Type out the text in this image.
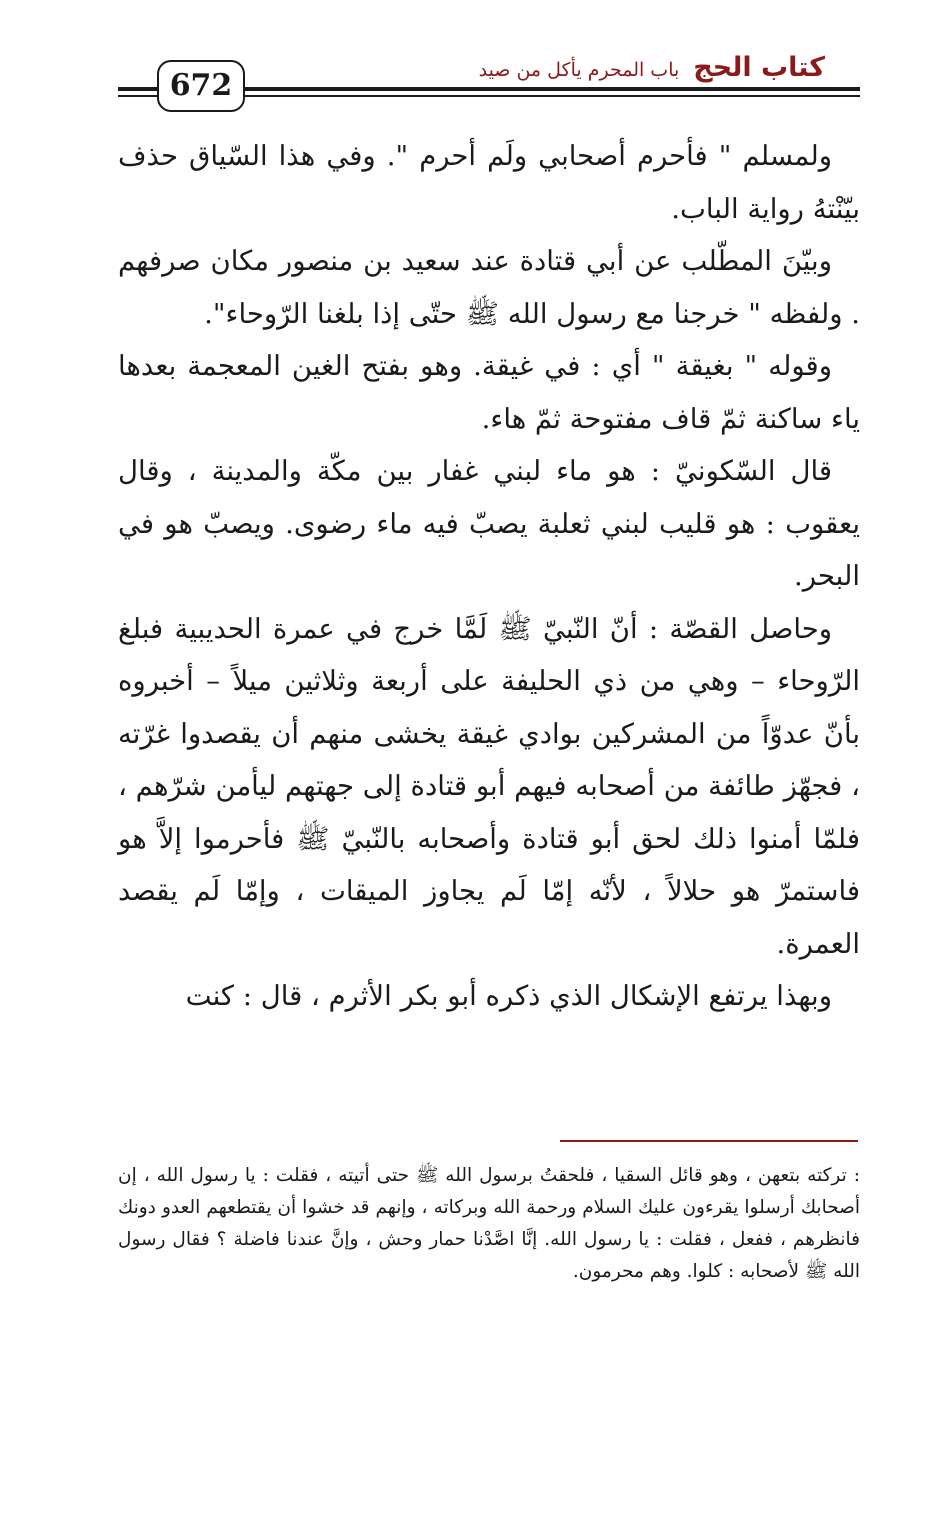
672
كتاب الحج
باب المحرم يأكل من صيد

ولمسلم " فأحرم أصحابي ولَم أحرم ". وفي هذا السّياق حذف بيّنْتهُ رواية الباب.

وبيّنَ المطّلب عن أبي قتادة عند سعيد بن منصور مكان صرفهم . ولفظه " خرجنا مع رسول الله ﷺ حتّى إذا بلغنا الرّوحاء".

وقوله " بغيقة " أي : في غيقة. وهو بفتح الغين المعجمة بعدها ياء ساكنة ثمّ قاف مفتوحة ثمّ هاء.

قال السّكونيّ : هو ماء لبني غفار بين مكّة والمدينة ، وقال يعقوب : هو قليب لبني ثعلبة يصبّ فيه ماء رضوى. ويصبّ هو في البحر.

وحاصل القصّة : أنّ النّبيّ ﷺ لَمَّا خرج في عمرة الحديبية فبلغ الرّوحاء – وهي من ذي الحليفة على أربعة وثلاثين ميلاً – أخبروه بأنّ عدوّاً من المشركين بوادي غيقة يخشى منهم أن يقصدوا غرّته ، فجهّز طائفة من أصحابه فيهم أبو قتادة إلى جهتهم ليأمن شرّهم ، فلمّا أمنوا ذلك لحق أبو قتادة وأصحابه بالنّبيّ ﷺ فأحرموا إلاَّ هو فاستمرّ هو حلالاً ، لأنّه إمّا لَم يجاوز الميقات ، وإمّا لَم يقصد العمرة.

وبهذا يرتفع الإشكال الذي ذكره أبو بكر الأثرم ، قال : كنت

: تركته بتعهن ، وهو قائل السقيا ، فلحقتُ برسول الله ﷺ حتى أتيته ، فقلت : يا رسول الله ، إن أصحابك أرسلوا يقرءون عليك السلام ورحمة الله وبركاته ، وإنهم قد خشوا أن يقتطعهم العدو دونك فانظرهم ، ففعل ، فقلت : يا رسول الله. إنَّا اصَّدْنا حمار وحش ، وإنَّ عندنا فاضلة ؟ فقال رسول الله ﷺ لأصحابه : كلوا. وهم محرمون.
